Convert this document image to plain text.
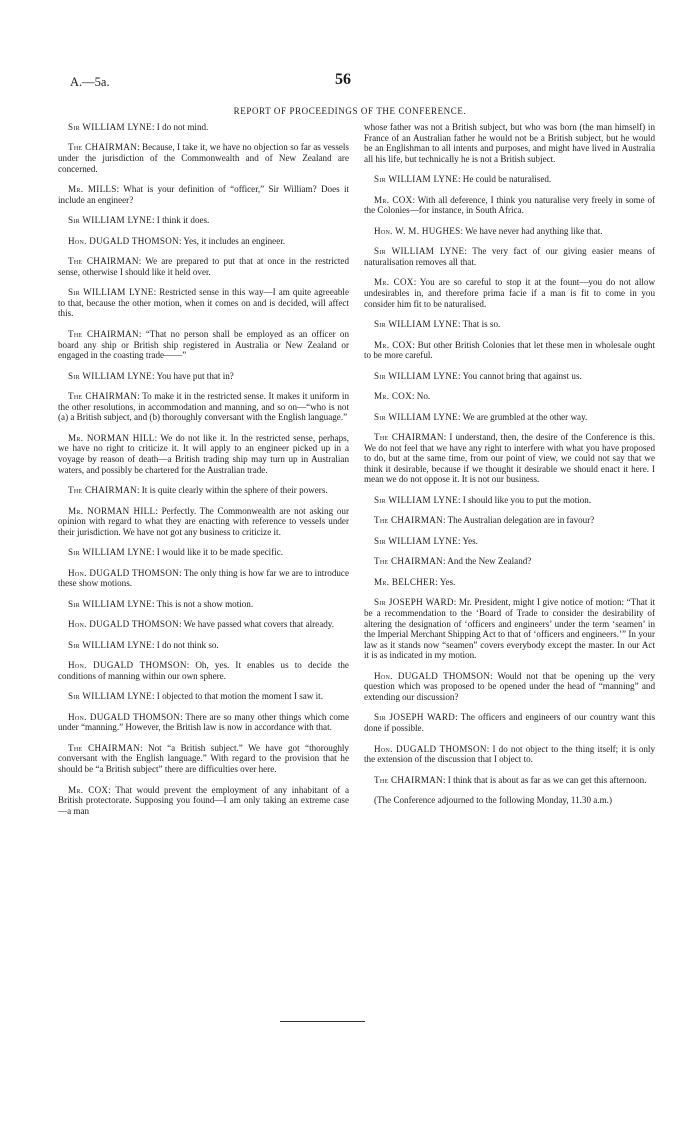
A.—5a.	56
REPORT OF PROCEEDINGS OF THE CONFERENCE.

Sir WILLIAM LYNE: I do not mind.

The CHAIRMAN: Because, I take it, we have no objection so far as vessels under the jurisdiction of the Commonwealth and of New Zealand are concerned.

Mr. MILLS: What is your definition of “officer,” Sir William? Does it include an engineer?

Sir WILLIAM LYNE: I think it does.

Hon. DUGALD THOMSON: Yes, it includes an engineer.

The CHAIRMAN: We are prepared to put that at once in the restricted sense, otherwise I should like it held over.

Sir WILLIAM LYNE: Restricted sense in this way—I am quite agreeable to that, because the other motion, when it comes on and is decided, will affect this.

The CHAIRMAN: “That no person shall be employed as an officer on board any ship or British ship registered in Australia or New Zealand or engaged in the coasting trade——”

Sir WILLIAM LYNE: You have put that in?

The CHAIRMAN: To make it in the restricted sense. It makes it uniform in the other resolutions, in accommodation and manning, and so on—“who is not (a) a British subject, and (b) thoroughly conversant with the English language.”

Mr. NORMAN HILL: We do not like it. In the restricted sense, perhaps, we have no right to criticize it. It will apply to an engineer picked up in a voyage by reason of death—a British trading ship may turn up in Australian waters, and possibly be chartered for the Australian trade.

The CHAIRMAN: It is quite clearly within the sphere of their powers.

Mr. NORMAN HILL: Perfectly. The Commonwealth are not asking our opinion with regard to what they are enacting with reference to vessels under their jurisdiction. We have not got any business to criticize it.

Sir WILLIAM LYNE: I would like it to be made specific.

Hon. DUGALD THOMSON: The only thing is how far we are to introduce these show motions.

Sir WILLIAM LYNE: This is not a show motion.

Hon. DUGALD THOMSON: We have passed what covers that already.

Sir WILLIAM LYNE: I do not think so.

Hon. DUGALD THOMSON: Oh, yes. It enables us to decide the conditions of manning within our own sphere.

Sir WILLIAM LYNE: I objected to that motion the moment I saw it.

Hon. DUGALD THOMSON: There are so many other things which come under “manning.” However, the British law is now in accordance with that.

The CHAIRMAN: Not “a British subject.” We have got “thoroughly conversant with the English language.” With regard to the provision that he should be “a British subject” there are difficulties over here.

Mr. COX: That would prevent the employment of any inhabitant of a British protectorate. Supposing you found—I am only taking an extreme case—a man

whose father was not a British subject, but who was born (the man himself) in France of an Australian father he would not be a British subject, but he would be an Englishman to all intents and purposes, and might have lived in Australia all his life, but technically he is not a British subject.

Sir WILLIAM LYNE: He could be naturalised.

Mr. COX: With all deference, I think you naturalise very freely in some of the Colonies—for instance, in South Africa.

Hon. W. M. HUGHES: We have never had anything like that.

Sir WILLIAM LYNE: The very fact of our giving easier means of naturalisation removes all that.

Mr. COX: You are so careful to stop it at the fount—you do not allow undesirables in, and therefore prima facie if a man is fit to come in you consider him fit to be naturalised.

Sir WILLIAM LYNE: That is so.

Mr. COX: But other British Colonies that let these men in wholesale ought to be more careful.

Sir WILLIAM LYNE: You cannot bring that against us.

Mr. COX: No.

Sir WILLIAM LYNE: We are grumbled at the other way.

The CHAIRMAN: I understand, then, the desire of the Conference is this. We do not feel that we have any right to interfere with what you have proposed to do, but at the same time, from our point of view, we could not say that we think it desirable, because if we thought it desirable we should enact it here. I mean we do not oppose it. It is not our business.

Sir WILLIAM LYNE: I should like you to put the motion.

The CHAIRMAN: The Australian delegation are in favour?

Sir WILLIAM LYNE: Yes.

The CHAIRMAN: And the New Zealand?

Mr. BELCHER: Yes.

Sir JOSEPH WARD: Mr. President, might I give notice of motion: “That it be a recommendation to the ‘Board of Trade to consider the desirability of altering the designation of ‘officers and engineers’ under the term ‘seamen’ in the Imperial Merchant Shipping Act to that of ‘officers and engineers.’” In your law as it stands now “seamen” covers everybody except the master. In our Act it is as indicated in my motion.

Hon. DUGALD THOMSON: Would not that be opening up the very question which was proposed to be opened under the head of “manning” and extending our discussion?

Sir JOSEPH WARD: The officers and engineers of our country want this done if possible.

Hon. DUGALD THOMSON: I do not object to the thing itself; it is only the extension of the discussion that I object to.

The CHAIRMAN: I think that is about as far as we can get this afternoon.

(The Conference adjourned to the following Monday, 11.30 a.m.)
